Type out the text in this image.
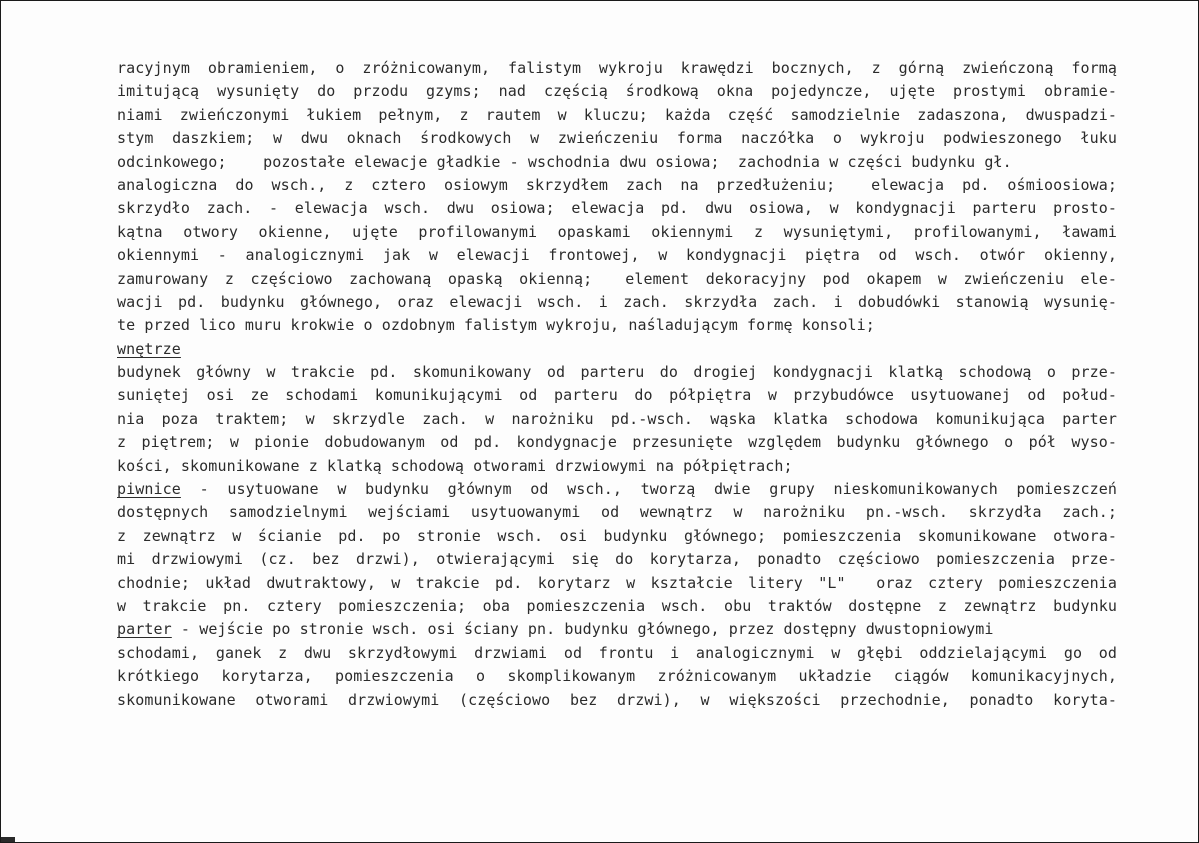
racyjnym obramieniem, o zróżnicowanym, falistym wykroju krawędzi bocznych, z górną zwieńczoną formą
imitującą wysunięty do przodu gzyms; nad częścią środkową okna pojedyncze, ujęte prostymi obramie-
niami zwieńczonymi łukiem pełnym, z rautem w kluczu; każda część samodzielnie zadaszona, dwuspadzi-
stym daszkiem; w dwu oknach środkowych w zwieńczeniu forma naczółka o wykroju podwieszonego łuku
odcinkowego;    pozostałe elewacje gładkie - wschodnia dwu osiowa;  zachodnia w części budynku gł.
analogiczna do wsch., z cztero osiowym skrzydłem zach na przedłużeniu;  elewacja pd. ośmioosiowa;
skrzydło zach. - elewacja wsch. dwu osiowa; elewacja pd. dwu osiowa, w kondygnacji parteru prosto-
kątna otwory okienne, ujęte profilowanymi opaskami okiennymi z wysuniętymi, profilowanymi, ławami
okiennymi - analogicznymi jak w elewacji frontowej, w kondygnacji piętra od wsch. otwór okienny,
zamurowany z częściowo zachowaną opaską okienną;  element dekoracyjny pod okapem w zwieńczeniu ele-
wacji pd. budynku głównego, oraz elewacji wsch. i zach. skrzydła zach. i dobudówki stanowią wysunię-
te przed lico muru krokwie o ozdobnym falistym wykroju, naśladującym formę konsoli;
wnętrze
budynek główny w trakcie pd. skomunikowany od parteru do drogiej kondygnacji klatką schodową o prze-
suniętej osi ze schodami komunikującymi od parteru do półpiętra w przybudówce usytuowanej od połud-
nia poza traktem; w skrzydle zach. w narożniku pd.-wsch. wąska klatka schodowa komunikująca parter
z piętrem; w pionie dobudowanym od pd. kondygnacje przesunięte względem budynku głównego o pół wyso-
kości, skomunikowane z klatką schodową otworami drzwiowymi na półpiętrach;
piwnice - usytuowane w budynku głównym od wsch., tworzą dwie grupy nieskomunikowanych pomieszczeń
dostępnych samodzielnymi wejściami usytuowanymi od wewnątrz w narożniku pn.-wsch. skrzydła zach.;
z zewnątrz w ścianie pd. po stronie wsch. osi budynku głównego; pomieszczenia skomunikowane otwora-
mi drzwiowymi (cz. bez drzwi), otwierającymi się do korytarza, ponadto częściowo pomieszczenia prze-
chodnie; układ dwutraktowy, w trakcie pd. korytarz w kształcie litery "L"  oraz cztery pomieszczenia
w trakcie pn. cztery pomieszczenia; oba pomieszczenia wsch. obu traktów dostępne z zewnątrz budynku
parter - wejście po stronie wsch. osi ściany pn. budynku głównego, przez dostępny dwustopniowymi
schodami, ganek z dwu skrzydłowymi drzwiami od frontu i analogicznymi w głębi oddzielającymi go od
krótkiego korytarza, pomieszczenia o skomplikowanym zróżnicowanym układzie ciągów komunikacyjnych,
skomunikowane otworami drzwiowymi (częściowo bez drzwi), w większości przechodnie, ponadto koryta-
